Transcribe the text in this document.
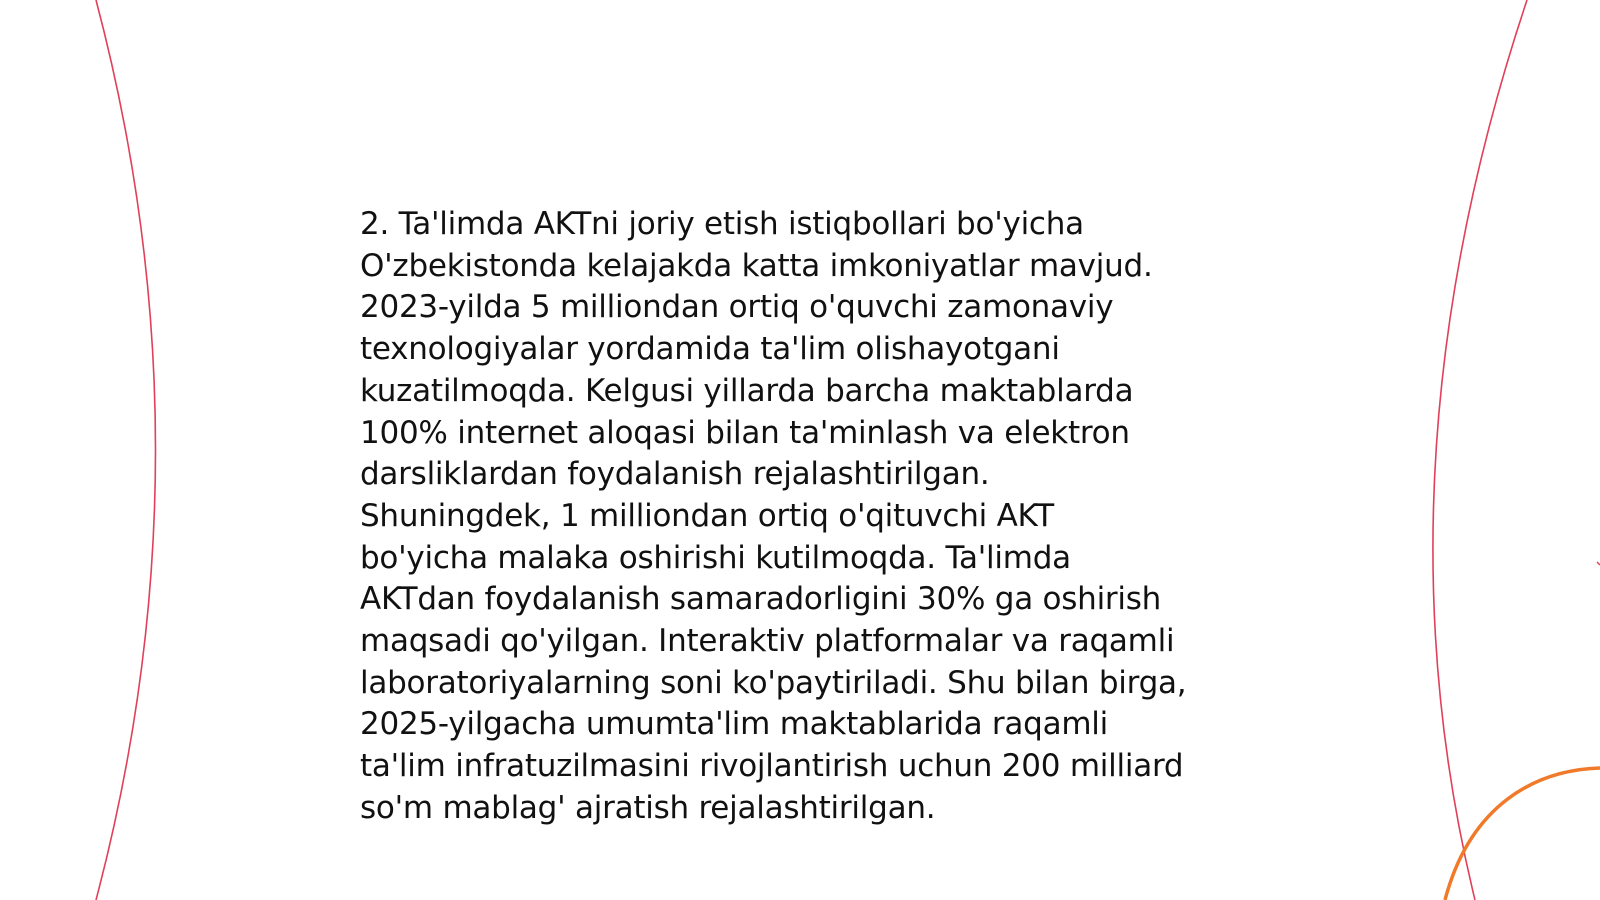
2. Ta'limda AKTni joriy etish istiqbollari bo'yicha
O'zbekistonda kelajakda katta imkoniyatlar mavjud.
2023-yilda 5 milliondan ortiq o'quvchi zamonaviy
texnologiyalar yordamida ta'lim olishayotgani
kuzatilmoqda. Kelgusi yillarda barcha maktablarda
100% internet aloqasi bilan ta'minlash va elektron
darsliklardan foydalanish rejalashtirilgan.
Shuningdek, 1 milliondan ortiq o'qituvchi AKT
bo'yicha malaka oshirishi kutilmoqda. Ta'limda
AKTdan foydalanish samaradorligini 30% ga oshirish
maqsadi qo'yilgan. Interaktiv platformalar va raqamli
laboratoriyalarning soni ko'paytiriladi. Shu bilan birga,
2025-yilgacha umumta'lim maktablarida raqamli
ta'lim infratuzilmasini rivojlantirish uchun 200 milliard
so'm mablag' ajratish rejalashtirilgan.
